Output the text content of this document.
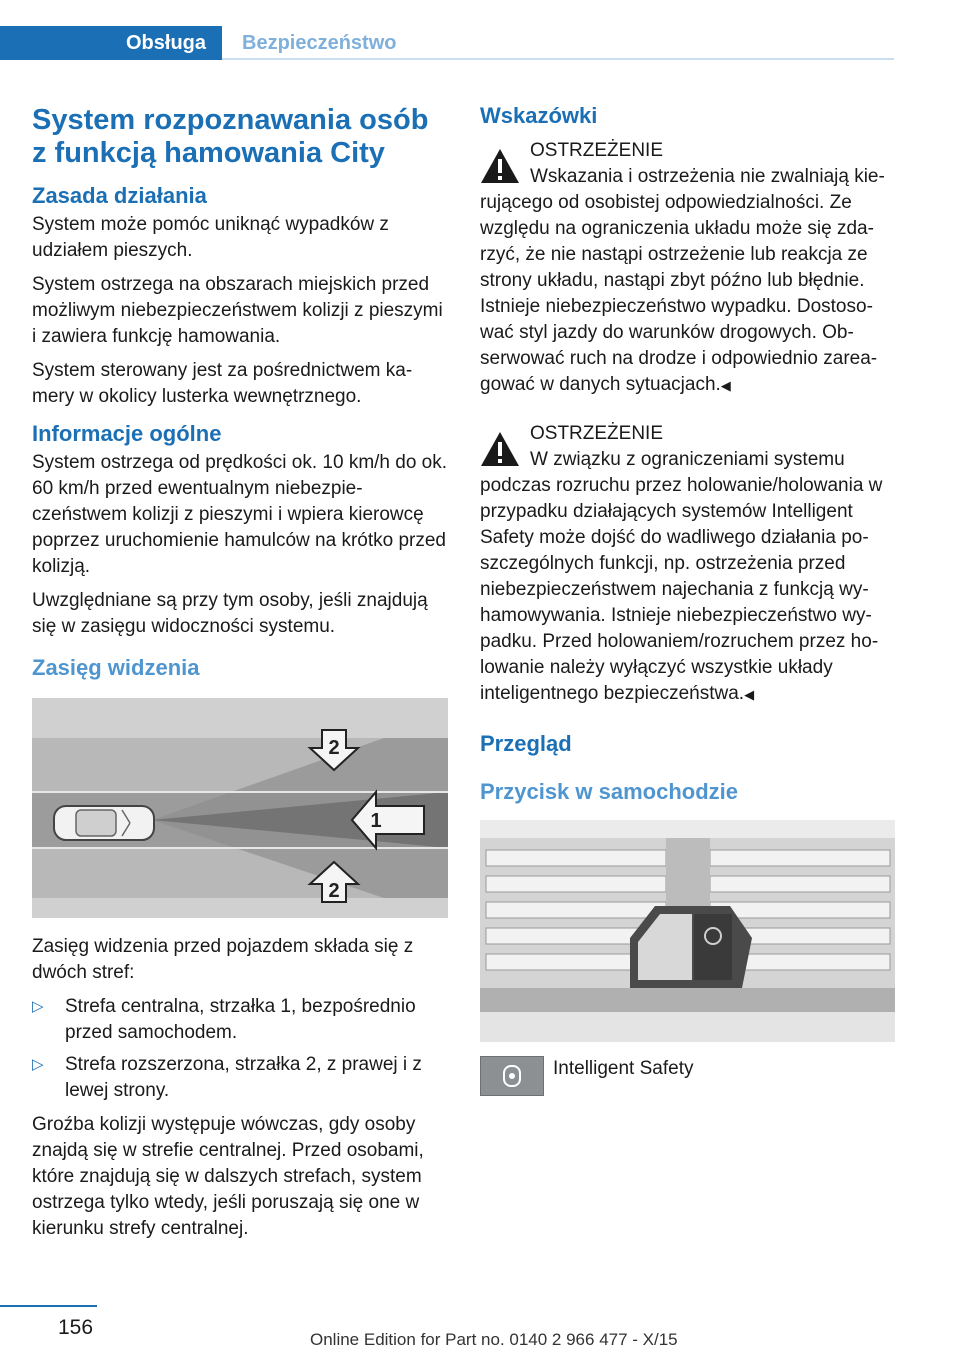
Obsługa	Bezpieczeństwo
System rozpoznawania osób z funkcją hamowania City
Zasada działania

System może pomóc uniknąć wypadków z udziałem pieszych.

System ostrzega na obszarach miejskich przed możliwym niebezpieczeństwem kolizji z pieszymi i zawiera funkcję hamowania.

System sterowany jest za pośrednictwem kamery w okolicy lusterka wewnętrznego.

Informacje ogólne

System ostrzega od prędkości ok. 10 km/h do ok. 60 km/h przed ewentualnym niebezpieczeństwem kolizji z pieszymi i wpiera kierowcę poprzez uruchomienie hamulców na krótko przed kolizją.

Uwzględniane są przy tym osoby, jeśli znajdują się w zasięgu widoczności systemu.

Zasięg widzenia
2
1
2

Zasięg widzenia przed pojazdem składa się z dwóch stref:

▷ Strefa centralna, strzałka 1, bezpośrednio przed samochodem.
▷ Strefa rozszerzona, strzałka 2, z prawej i z lewej strony.

Groźba kolizji występuje wówczas, gdy osoby znajdą się w strefie centralnej. Przed osobami, które znajdują się w dalszych strefach, system ostrzega tylko wtedy, jeśli poruszają się one w kierunku strefy centralnej.

Wskazówki
OSTRZEŻENIE
Wskazania i ostrzeżenia nie zwalniają kierującego od osobistej odpowiedzialności. Ze względu na ograniczenia układu może się zdarzyć, że nie nastąpi ostrzeżenie lub reakcja ze strony układu, nastąpi zbyt późno lub błędnie. Istnieje niebezpieczeństwo wypadku. Dostosować styl jazdy do warunków drogowych. Obserwować ruch na drodze i odpowiednio zareagować w danych sytuacjach.◀
OSTRZEŻENIE
W związku z ograniczeniami systemu podczas rozruchu przez holowanie/holowania w przypadku działających systemów Intelligent Safety może dojść do wadliwego działania poszczególnych funkcji, np. ostrzeżenia przed niebezpieczeństwem najechania z funkcją wyhamowywania. Istnieje niebezpieczeństwo wypadku. Przed holowaniem/rozruchem przez holowanie należy wyłączyć wszystkie układy inteligentnego bezpieczeństwa.◀
Przegląd
Przycisk w samochodzie
Intelligent Safety
156
Online Edition for Part no. 0140 2 966 477 - X/15
